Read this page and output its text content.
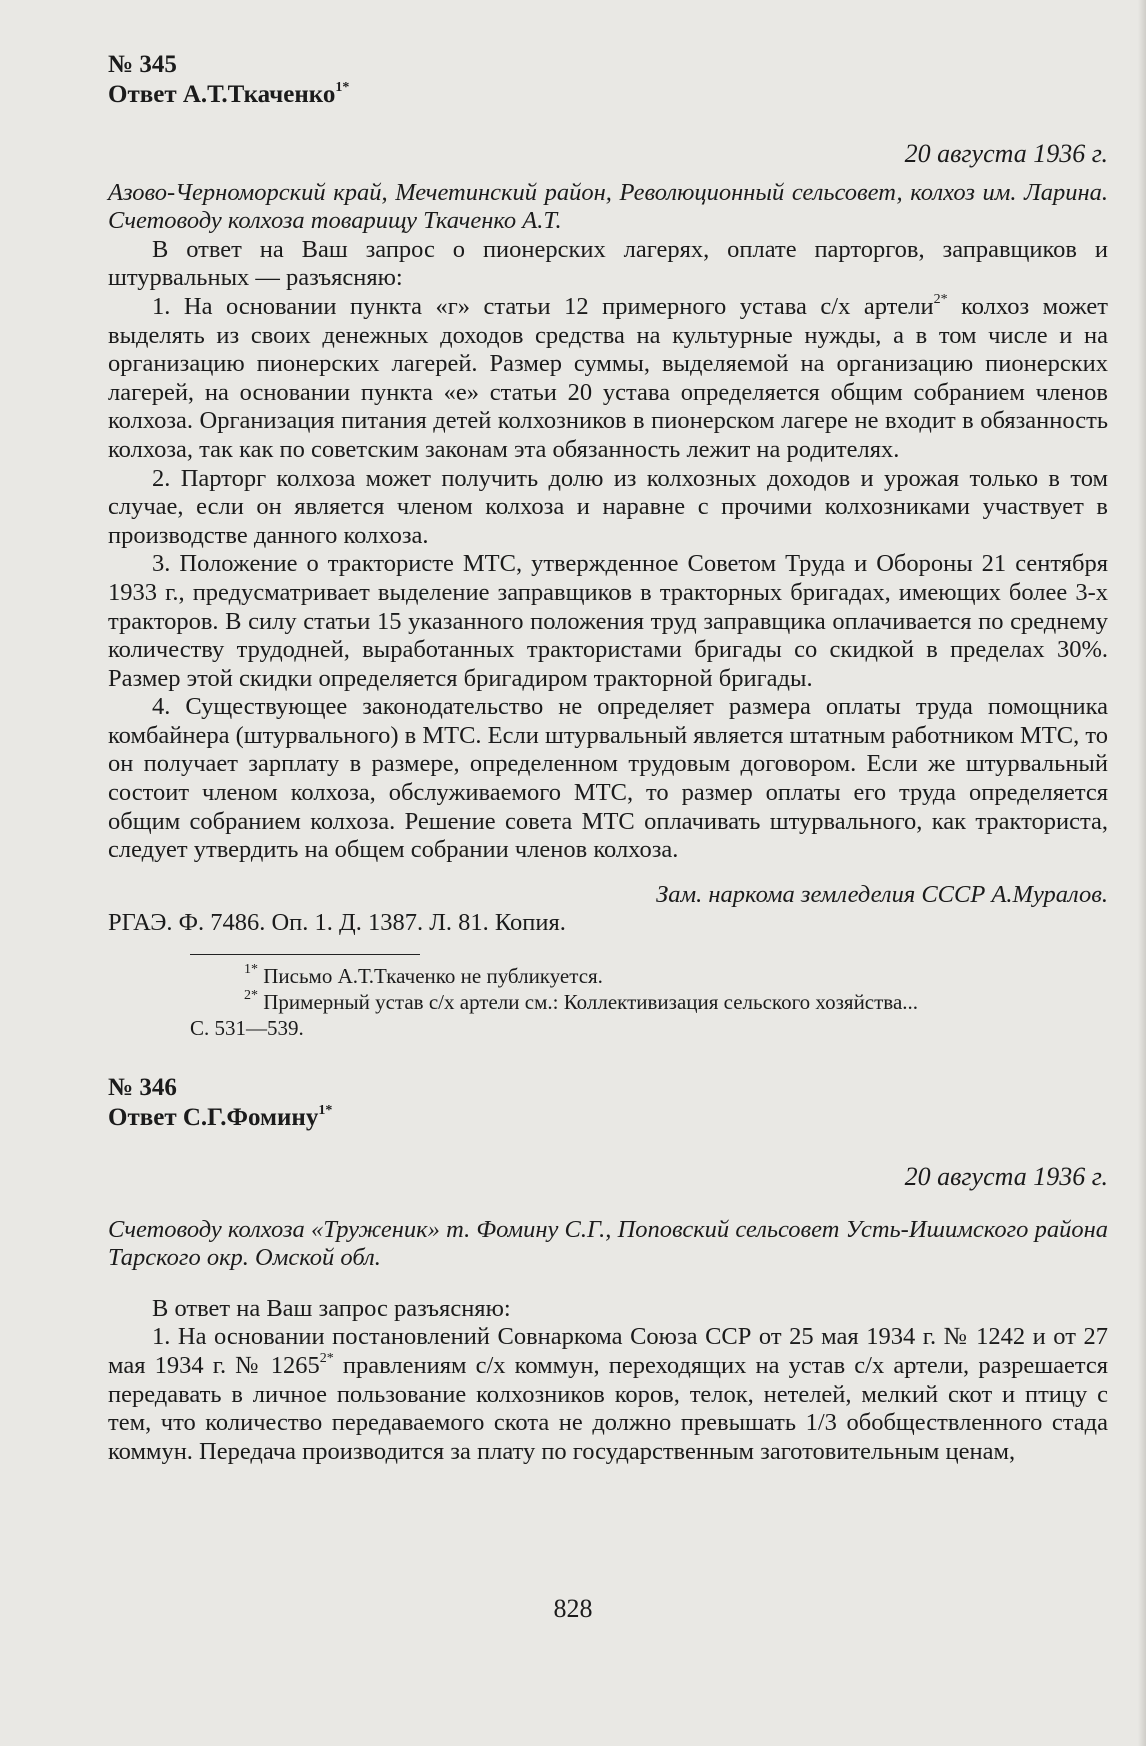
№ 345
Ответ А.Т.Ткаченко$^{1*}$
20 августа 1936 г.
Азово-Черноморский край, Мечетинский район, Революционный сельсовет, колхоз им. Ларина. Счетоводу колхоза товарищу Ткаченко А.Т.

В ответ на Ваш запрос о пионерских лагерях, оплате парторгов, заправщиков и штурвальных — разъясняю:

1. На основании пункта «г» статьи 12 примерного устава с/х артели$^{2*}$ колхоз может выделять из своих денежных доходов средства на культурные нужды, а в том числе и на организацию пионерских лагерей. Размер суммы, выделяемой на организацию пионерских лагерей, на основании пункта «е» статьи 20 устава определяется общим собранием членов колхоза. Организация питания детей колхозников в пионерском лагере не входит в обязанность колхоза, так как по советским законам эта обязанность лежит на родителях.

2. Парторг колхоза может получить долю из колхозных доходов и урожая только в том случае, если он является членом колхоза и наравне с прочими колхозниками участвует в производстве данного колхоза.

3. Положение о трактористе МТС, утвержденное Советом Труда и Обороны 21 сентября 1933 г., предусматривает выделение заправщиков в тракторных бригадах, имеющих более 3-х тракторов. В силу статьи 15 указанного положения труд заправщика оплачивается по среднему количеству трудодней, выработанных трактористами бригады со скидкой в пределах 30%. Размер этой скидки определяется бригадиром тракторной бригады.

4. Существующее законодательство не определяет размера оплаты труда помощника комбайнера (штурвального) в МТС. Если штурвальный является штатным работником МТС, то он получает зарплату в размере, определенном трудовым договором. Если же штурвальный состоит членом колхоза, обслуживаемого МТС, то размер оплаты его труда определяется общим собранием колхоза. Решение совета МТС оплачивать штурвального, как тракториста, следует утвердить на общем собрании членов колхоза.

Зам. наркома земледелия СССР А.Муралов.
РГАЭ. Ф. 7486. Оп. 1. Д. 1387. Л. 81. Копия.
$^{1*}$ Письмо А.Т.Ткаченко не публикуется.
$^{2*}$ Примерный устав с/х артели см.: Коллективизация сельского хозяйства...
С. 531—539.
№ 346
Ответ С.Г.Фомину$^{1*}$
20 августа 1936 г.
Счетоводу колхоза «Труженик» т. Фомину С.Г., Поповский сельсовет Усть-Ишимского района Тарского окр. Омской обл.

В ответ на Ваш запрос разъясняю:

1. На основании постановлений Совнаркома Союза ССР от 25 мая 1934 г. № 1242 и от 27 мая 1934 г. № $1265^{2*}$ правлениям с/х коммун, переходящих на устав с/х артели, разрешается передавать в личное пользование колхозников коров, телок, нетелей, мелкий скот и птицу с тем, что количество передаваемого скота не должно превышать 1/3 обобществленного стада коммун. Передача производится за плату по государственным заготовительным ценам,

828
